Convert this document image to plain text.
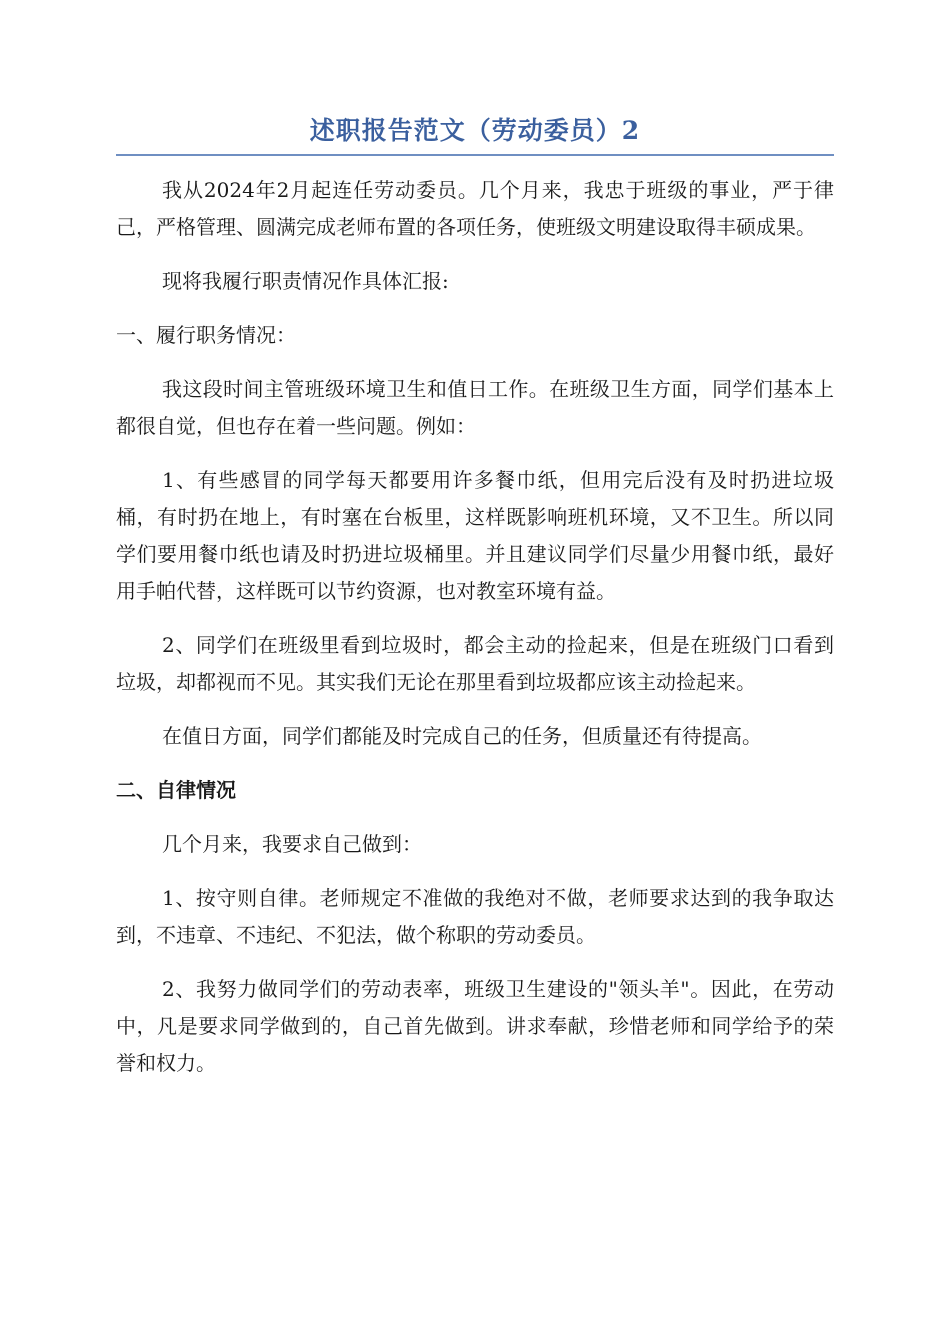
述职报告范文（劳动委员）2

我从2024年2月起连任劳动委员。几个月来，我忠于班级的事业，严于律己，严格管理、圆满完成老师布置的各项任务，使班级文明建设取得丰硕成果。

现将我履行职责情况作具体汇报:

一、履行职务情况：

我这段时间主管班级环境卫生和值日工作。在班级卫生方面，同学们基本上都很自觉，但也存在着一些问题。例如：

1、有些感冒的同学每天都要用许多餐巾纸，但用完后没有及时扔进垃圾桶，有时扔在地上，有时塞在台板里，这样既影响班机环境，又不卫生。所以同学们要用餐巾纸也请及时扔进垃圾桶里。并且建议同学们尽量少用餐巾纸，最好用手帕代替，这样既可以节约资源，也对教室环境有益。

2、同学们在班级里看到垃圾时，都会主动的捡起来，但是在班级门口看到垃圾，却都视而不见。其实我们无论在那里看到垃圾都应该主动捡起来。

在值日方面，同学们都能及时完成自己的任务，但质量还有待提高。

二、自律情况

几个月来，我要求自己做到：

1、按守则自律。老师规定不准做的我绝对不做，老师要求达到的我争取达到，不违章、不违纪、不犯法，做个称职的劳动委员。

2、我努力做同学们的劳动表率，班级卫生建设的"领头羊"。因此，在劳动中，凡是要求同学做到的，自己首先做到。讲求奉献，珍惜老师和同学给予的荣誉和权力。
